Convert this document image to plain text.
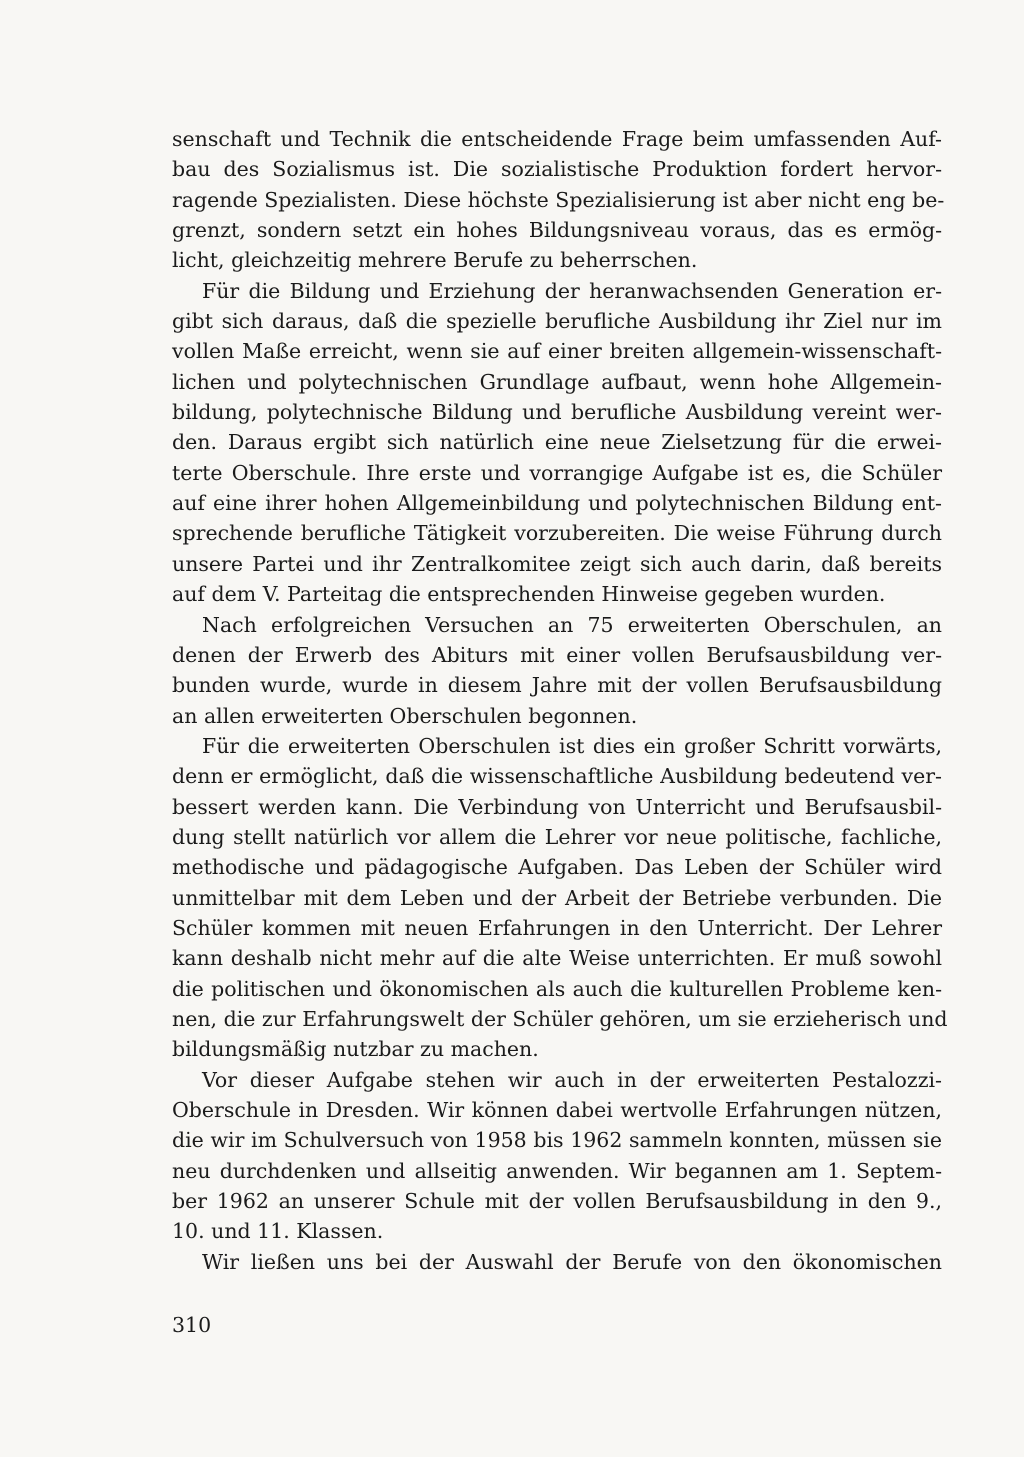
senschaft und Technik die entscheidende Frage beim umfassenden Auf-
bau des Sozialismus ist. Die sozialistische Produktion fordert hervor-
ragende Spezialisten. Diese höchste Spezialisierung ist aber nicht eng be-
grenzt, sondern setzt ein hohes Bildungsniveau voraus, das es ermög-
licht, gleichzeitig mehrere Berufe zu beherrschen.
Für die Bildung und Erziehung der heranwachsenden Generation er-
gibt sich daraus, daß die spezielle berufliche Ausbildung ihr Ziel nur im
vollen Maße erreicht, wenn sie auf einer breiten allgemein-wissenschaft-
lichen und polytechnischen Grundlage aufbaut, wenn hohe Allgemein-
bildung, polytechnische Bildung und berufliche Ausbildung vereint wer-
den. Daraus ergibt sich natürlich eine neue Zielsetzung für die erwei-
terte Oberschule. Ihre erste und vorrangige Aufgabe ist es, die Schüler
auf eine ihrer hohen Allgemeinbildung und polytechnischen Bildung ent-
sprechende berufliche Tätigkeit vorzubereiten. Die weise Führung durch
unsere Partei und ihr Zentralkomitee zeigt sich auch darin, daß bereits
auf dem V. Parteitag die entsprechenden Hinweise gegeben wurden.
Nach erfolgreichen Versuchen an 75 erweiterten Oberschulen, an
denen der Erwerb des Abiturs mit einer vollen Berufsausbildung ver-
bunden wurde, wurde in diesem Jahre mit der vollen Berufsausbildung
an allen erweiterten Oberschulen begonnen.
Für die erweiterten Oberschulen ist dies ein großer Schritt vorwärts,
denn er ermöglicht, daß die wissenschaftliche Ausbildung bedeutend ver-
bessert werden kann. Die Verbindung von Unterricht und Berufsausbil-
dung stellt natürlich vor allem die Lehrer vor neue politische, fachliche,
methodische und pädagogische Aufgaben. Das Leben der Schüler wird
unmittelbar mit dem Leben und der Arbeit der Betriebe verbunden. Die
Schüler kommen mit neuen Erfahrungen in den Unterricht. Der Lehrer
kann deshalb nicht mehr auf die alte Weise unterrichten. Er muß sowohl
die politischen und ökonomischen als auch die kulturellen Probleme ken-
nen, die zur Erfahrungswelt der Schüler gehören, um sie erzieherisch und
bildungsmäßig nutzbar zu machen.
Vor dieser Aufgabe stehen wir auch in der erweiterten Pestalozzi-
Oberschule in Dresden. Wir können dabei wertvolle Erfahrungen nützen,
die wir im Schulversuch von 1958 bis 1962 sammeln konnten, müssen sie
neu durchdenken und allseitig anwenden. Wir begannen am 1. Septem-
ber 1962 an unserer Schule mit der vollen Berufsausbildung in den 9.,
10. und 11. Klassen.
Wir ließen uns bei der Auswahl der Berufe von den ökonomischen
310
